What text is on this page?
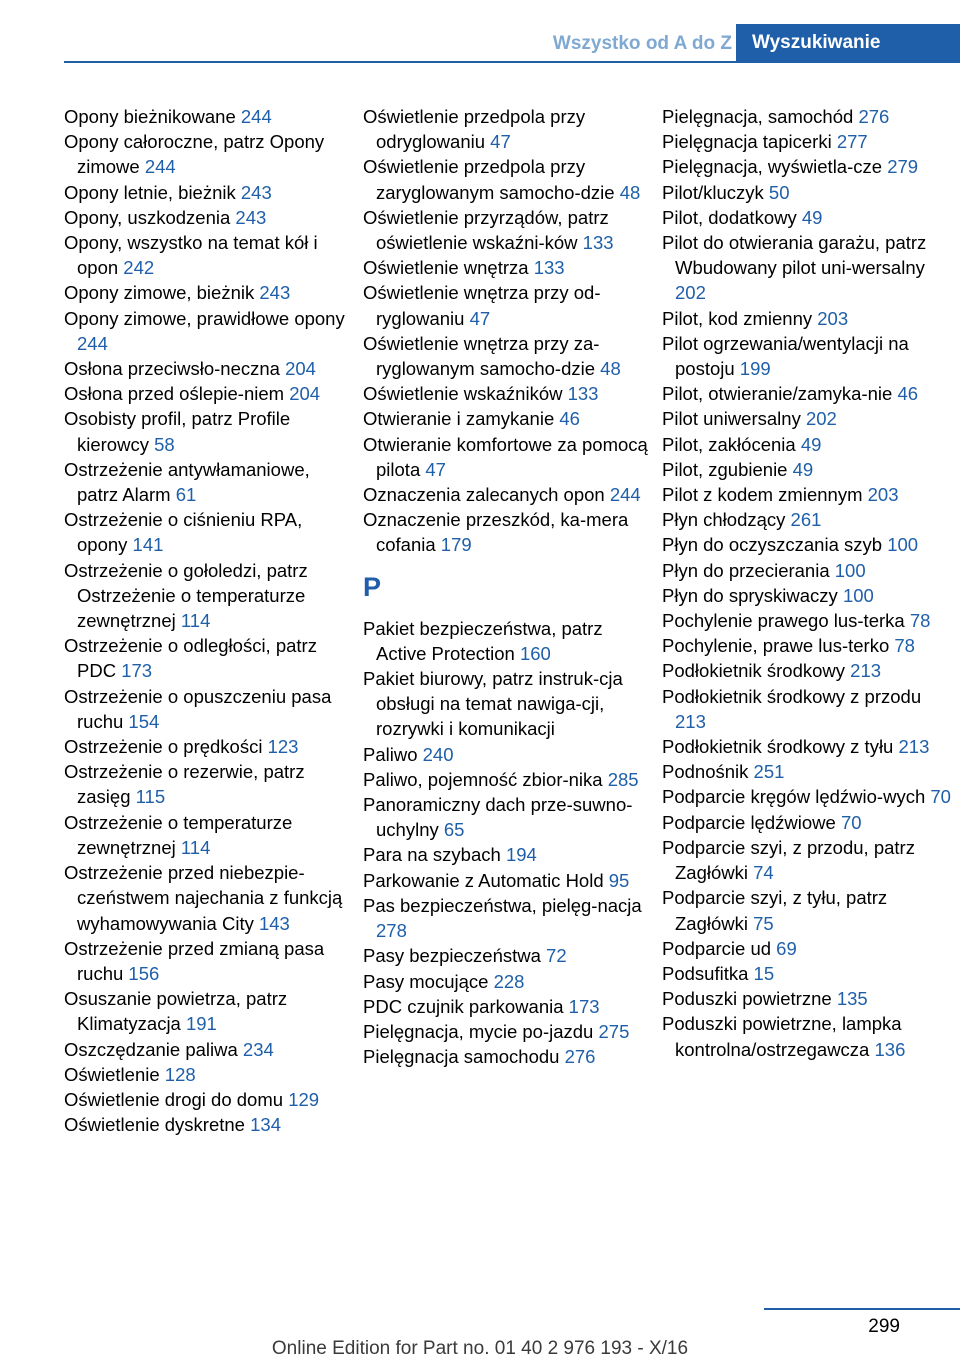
Wszystko od A do Z	Wyszukiwanie
Opony bieżnikowane 244
Opony całoroczne, patrz Opony zimowe 244
Opony letnie, bieżnik 243
Opony, uszkodzenia 243
Opony, wszystko na temat kół i opon 242
Opony zimowe, bieżnik 243
Opony zimowe, prawidłowe opony 244
Osłona przeciwsło-neczna 204
Osłona przed oślepie-niem 204
Osobisty profil, patrz Profile kierowcy 58
Ostrzeżenie antywłamaniowe, patrz Alarm 61
Ostrzeżenie o ciśnieniu RPA, opony 141
Ostrzeżenie o gołoledzi, patrz Ostrzeżenie o temperaturze zewnętrznej 114
Ostrzeżenie o odległości, patrz PDC 173
Ostrzeżenie o opuszczeniu pasa ruchu 154
Ostrzeżenie o prędkości 123
Ostrzeżenie o rezerwie, patrz zasięg 115
Ostrzeżenie o temperaturze zewnętrznej 114
Ostrzeżenie przed niebezpie-czeństwem najechania z funkcją wyhamowywania City 143
Ostrzeżenie przed zmianą pasa ruchu 156
Osuszanie powietrza, patrz Klimatyzacja 191
Oszczędzanie paliwa 234
Oświetlenie 128
Oświetlenie drogi do domu 129
Oświetlenie dyskretne 134
Oświetlenie przedpola przy odryglowaniu 47
Oświetlenie przedpola przy zaryglowanym samocho-dzie 48
Oświetlenie przyrządów, patrz oświetlenie wskaźni-ków 133
Oświetlenie wnętrza 133
Oświetlenie wnętrza przy od-ryglowaniu 47
Oświetlenie wnętrza przy za-ryglowanym samocho-dzie 48
Oświetlenie wskaźników 133
Otwieranie i zamykanie 46
Otwieranie komfortowe za pomocą pilota 47
Oznaczenia zalecanych opon 244
Oznaczenie przeszkód, ka-mera cofania 179
P
Pakiet bezpieczeństwa, patrz Active Protection 160
Pakiet biurowy, patrz instruk-cja obsługi na temat nawiga-cji, rozrywki i komunikacji
Paliwo 240
Paliwo, pojemność zbior-nika 285
Panoramiczny dach prze-suwno-uchylny 65
Para na szybach 194
Parkowanie z Automatic Hold 95
Pas bezpieczeństwa, pielęg-nacja 278
Pasy bezpieczeństwa 72
Pasy mocujące 228
PDC czujnik parkowania 173
Pielęgnacja, mycie po-jazdu 275
Pielęgnacja samochodu 276
Pielęgnacja, samochód 276
Pielęgnacja tapicerki 277
Pielęgnacja, wyświetla-cze 279
Pilot/kluczyk 50
Pilot, dodatkowy 49
Pilot do otwierania garażu, patrz Wbudowany pilot uni-wersalny 202
Pilot, kod zmienny 203
Pilot ogrzewania/wentylacji na postoju 199
Pilot, otwieranie/zamyka-nie 46
Pilot uniwersalny 202
Pilot, zakłócenia 49
Pilot, zgubienie 49
Pilot z kodem zmiennym 203
Płyn chłodzący 261
Płyn do oczyszczania szyb 100
Płyn do przecierania 100
Płyn do spryskiwaczy 100
Pochylenie prawego lus-terka 78
Pochylenie, prawe lus-terko 78
Podłokietnik środkowy 213
Podłokietnik środkowy z przodu 213
Podłokietnik środkowy z tyłu 213
Podnośnik 251
Podparcie kręgów lędźwio-wych 70
Podparcie lędźwiowe 70
Podparcie szyi, z przodu, patrz Zagłówki 74
Podparcie szyi, z tyłu, patrz Zagłówki 75
Podparcie ud 69
Podsufitka 15
Poduszki powietrzne 135
Poduszki powietrzne, lampka kontrolna/ostrzegawcza 136
299
Online Edition for Part no. 01 40 2 976 193 - X/16
